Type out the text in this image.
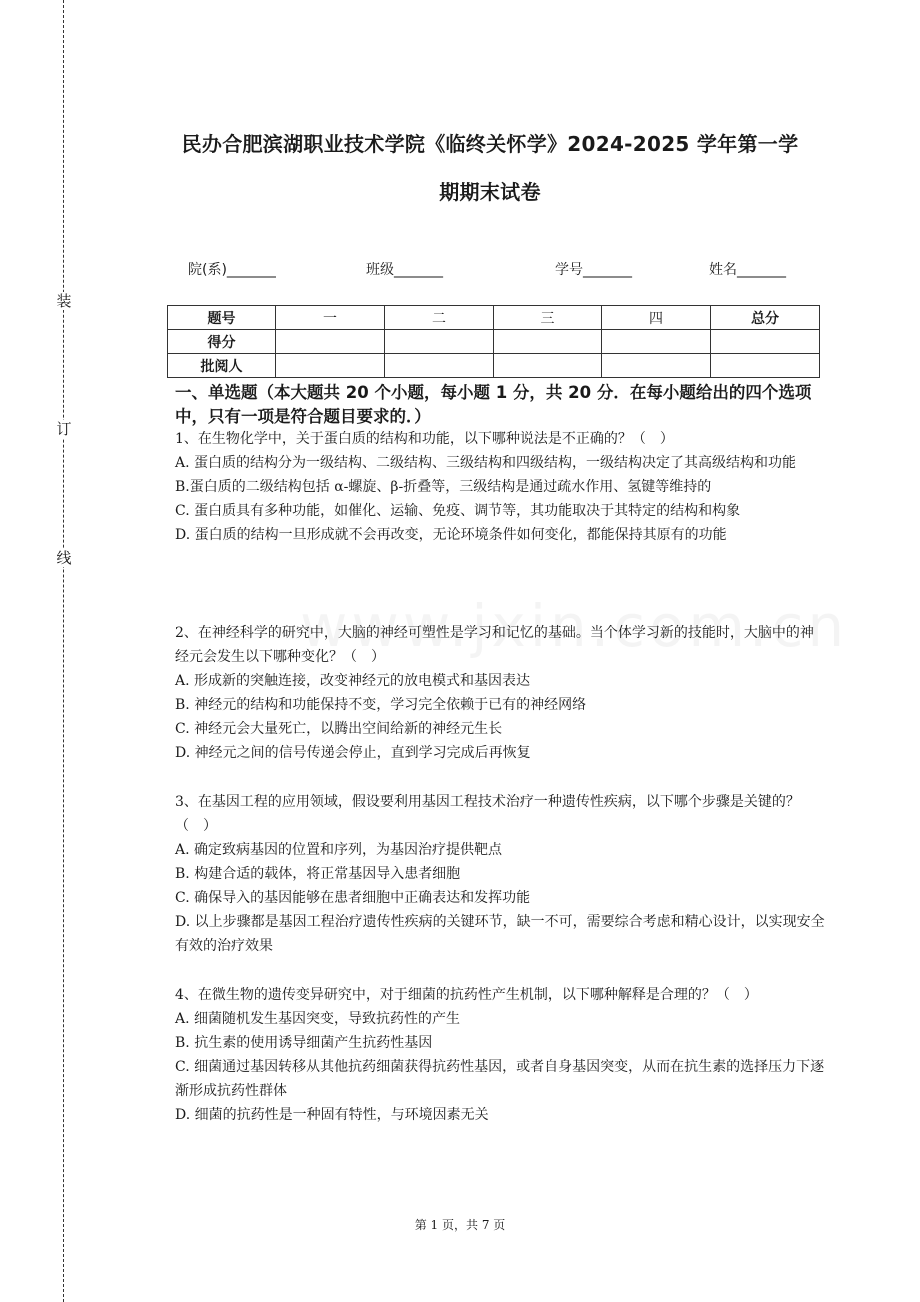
装
订
线
民办合肥滨湖职业技术学院《临终关怀学》2024-2025 学年第一学
期期末试卷
院(系)_______	班级_______	学号_______	姓名_______
题号	一	二	三	四	总分
得分					
批阅人					
一、单选题（本大题共 20 个小题，每小题 1 分，共 20 分．在每小题给出的四个选项中，只有一项是符合题目要求的．）

1、在生物化学中，关于蛋白质的结构和功能，以下哪种说法是不正确的？（　）

A. 蛋白质的结构分为一级结构、二级结构、三级结构和四级结构，一级结构决定了其高级结构和功能

B.蛋白质的二级结构包括 α-螺旋、β-折叠等，三级结构是通过疏水作用、氢键等维持的

C. 蛋白质具有多种功能，如催化、运输、免疫、调节等，其功能取决于其特定的结构和构象

D. 蛋白质的结构一旦形成就不会再改变，无论环境条件如何变化，都能保持其原有的功能

2、在神经科学的研究中，大脑的神经可塑性是学习和记忆的基础。当个体学习新的技能时，大脑中的神经元会发生以下哪种变化？（　）

A. 形成新的突触连接，改变神经元的放电模式和基因表达

B. 神经元的结构和功能保持不变，学习完全依赖于已有的神经网络

C. 神经元会大量死亡，以腾出空间给新的神经元生长

D. 神经元之间的信号传递会停止，直到学习完成后再恢复

3、在基因工程的应用领域，假设要利用基因工程技术治疗一种遗传性疾病，以下哪个步骤是关键的？（　）

A. 确定致病基因的位置和序列，为基因治疗提供靶点

B. 构建合适的载体，将正常基因导入患者细胞

C. 确保导入的基因能够在患者细胞中正确表达和发挥功能

D. 以上步骤都是基因工程治疗遗传性疾病的关键环节，缺一不可，需要综合考虑和精心设计，以实现安全有效的治疗效果

4、在微生物的遗传变异研究中，对于细菌的抗药性产生机制，以下哪种解释是合理的？（　）

A. 细菌随机发生基因突变，导致抗药性的产生

B. 抗生素的使用诱导细菌产生抗药性基因

C. 细菌通过基因转移从其他抗药细菌获得抗药性基因，或者自身基因突变，从而在抗生素的选择压力下逐渐形成抗药性群体

D. 细菌的抗药性是一种固有特性，与环境因素无关

第 1 页，共 7 页
